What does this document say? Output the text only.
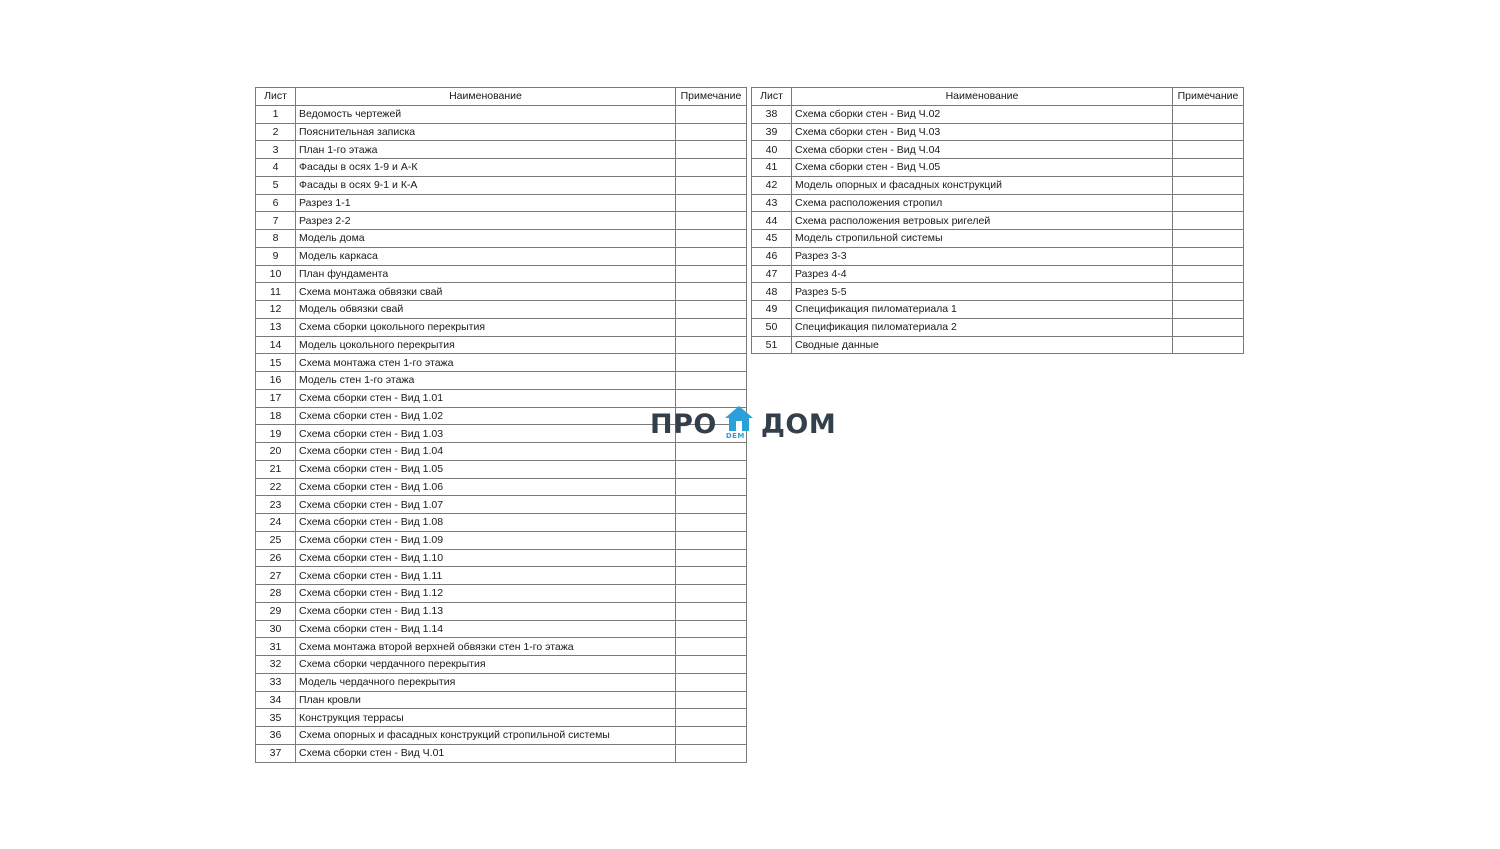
Лист	Наименование	Примечание
1	Ведомость чертежей	
2	Пояснительная записка	
3	План 1-го этажа	
4	Фасады в осях 1-9 и А-К	
5	Фасады в осях 9-1 и К-А	
6	Разрез 1-1	
7	Разрез 2-2	
8	Модель дома	
9	Модель каркаса	
10	План фундамента	
11	Схема монтажа обвязки свай	
12	Модель обвязки свай	
13	Схема сборки цокольного перекрытия	
14	Модель цокольного перекрытия	
15	Схема монтажа стен 1-го этажа	
16	Модель стен 1-го этажа	
17	Схема сборки стен - Вид 1.01	
18	Схема сборки стен - Вид 1.02	
19	Схема сборки стен - Вид 1.03	
20	Схема сборки стен - Вид 1.04	
21	Схема сборки стен - Вид 1.05	
22	Схема сборки стен - Вид 1.06	
23	Схема сборки стен - Вид 1.07	
24	Схема сборки стен - Вид 1.08	
25	Схема сборки стен - Вид 1.09	
26	Схема сборки стен - Вид 1.10	
27	Схема сборки стен - Вид 1.11	
28	Схема сборки стен - Вид 1.12	
29	Схема сборки стен - Вид 1.13	
30	Схема сборки стен - Вид 1.14	
31	Схема монтажа второй верхней обвязки стен 1-го этажа	
32	Схема сборки чердачного перекрытия	
33	Модель чердачного перекрытия	
34	План кровли	
35	Конструкция террасы	
36	Схема опорных и фасадных конструкций стропильной системы	
37	Схема сборки стен - Вид Ч.01	
Лист	Наименование	Примечание
38	Схема сборки стен - Вид Ч.02	
39	Схема сборки стен - Вид Ч.03	
40	Схема сборки стен - Вид Ч.04	
41	Схема сборки стен - Вид Ч.05	
42	Модель опорных и фасадных конструкций	
43	Схема расположения стропил	
44	Схема расположения ветровых ригелей	
45	Модель стропильной системы	
46	Разрез 3-3	
47	Разрез 4-4	
48	Разрез 5-5	
49	Спецификация пиломатериала 1	
50	Спецификация пиломатериала 2	
51	Сводные данные	
ПРО DEM ДОМ
